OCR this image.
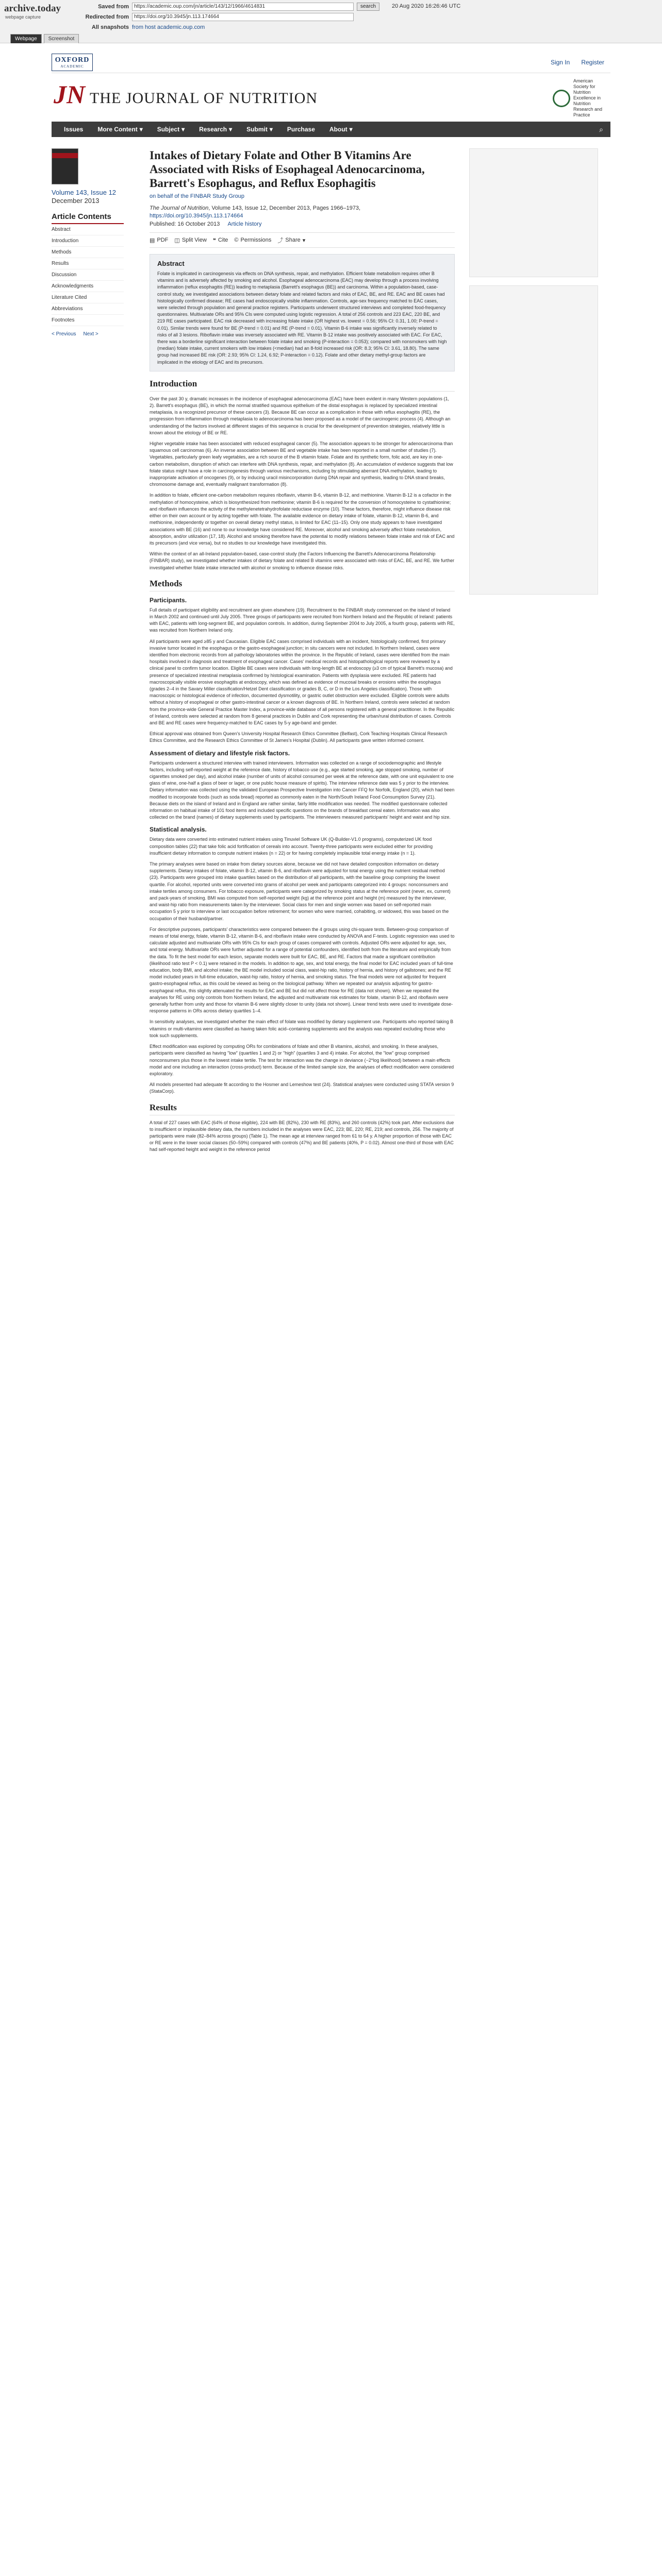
archive.today
webpage capture
Saved from	https://academic.oup.com/jn/article/143/12/1966/4614831	search
Redirected from	https://doi.org/10.3945/jn.113.174664
All snapshots from host academic.oup.com
20 Aug 2020 16:26:46 UTC
Webpage	Screenshot
OXFORD
ACADEMIC
Sign In Register
JN THE JOURNAL OF NUTRITION
American Society for Nutrition Excellence in Nutrition Research and Practice
Issues More Content ▾ Subject ▾ Research ▾ Submit ▾ Purchase About ▾	⌕
Volume 143, Issue 12
December 2013
Article Contents
Abstract
Introduction
Methods
Results
Discussion
Acknowledgments
Literature Cited
Abbreviations
Footnotes
< Previous Next >
Intakes of Dietary Folate and Other B Vitamins Are Associated with Risks of Esophageal Adenocarcinoma, Barrett's Esophagus, and Reflux Esophagitis
on behalf of the FINBAR Study Group
The Journal of Nutrition, Volume 143, Issue 12, December 2013, Pages 1966–1973, https://doi.org/10.3945/jn.113.174664
Published: 16 October 2013 Article history
▤ PDF ◫ Split View ❝ Cite © Permissions ⤴ Share ▾
Abstract

Folate is implicated in carcinogenesis via effects on DNA synthesis, repair, and methylation. Efficient folate metabolism requires other B vitamins and is adversely affected by smoking and alcohol. Esophageal adenocarcinoma (EAC) may develop through a process involving inflammation (reflux esophagitis (RE)) leading to metaplasia (Barrett's esophagus (BE)) and carcinoma. Within a population-based, case-control study, we investigated associations between dietary folate and related factors and risks of EAC, BE, and RE. EAC and BE cases had histologically confirmed disease; RE cases had endoscopically visible inflammation. Controls, age-sex frequency matched to EAC cases, were selected through population and general practice registers. Participants underwent structured interviews and completed food-frequency questionnaires. Multivariate ORs and 95% CIs were computed using logistic regression. A total of 256 controls and 223 EAC, 220 BE, and 219 RE cases participated. EAC risk decreased with increasing folate intake (OR highest vs. lowest = 0.56; 95% CI: 0.31, 1.00; P-trend = 0.01). Similar trends were found for BE (P-trend = 0.01) and RE (P-trend = 0.01). Vitamin B-6 intake was significantly inversely related to risks of all 3 lesions. Riboflavin intake was inversely associated with RE. Vitamin B-12 intake was positively associated with EAC. For EAC, there was a borderline significant interaction between folate intake and smoking (P-interaction = 0.053); compared with nonsmokers with high (median) folate intake, current smokers with low intakes (<median) had an 8-fold increased risk (OR: 8.3; 95% CI: 3.61, 18.80). The same group had increased BE risk (OR: 2.93; 95% CI: 1.24, 6.92; P-interaction = 0.12). Folate and other dietary methyl-group factors are implicated in the etiology of EAC and its precursors.

Introduction

Over the past 30 y, dramatic increases in the incidence of esophageal adenocarcinoma (EAC) have been evident in many Western populations (1, 2). Barrett's esophagus (BE), in which the normal stratified squamous epithelium of the distal esophagus is replaced by specialized intestinal metaplasia, is a recognized precursor of these cancers (3). Because BE can occur as a complication in those with reflux esophagitis (RE), the progression from inflammation through metaplasia to adenocarcinoma has been proposed as a model of the carcinogenic process (4). Although an understanding of the factors involved at different stages of this sequence is crucial for the development of prevention strategies, relatively little is known about the etiology of BE or RE.

Higher vegetable intake has been associated with reduced esophageal cancer (5). The association appears to be stronger for adenocarcinoma than squamous cell carcinomas (6). An inverse association between BE and vegetable intake has been reported in a small number of studies (7). Vegetables, particularly green leafy vegetables, are a rich source of the B vitamin folate. Folate and its synthetic form, folic acid, are key in one-carbon metabolism, disruption of which can interfere with DNA synthesis, repair, and methylation (8). An accumulation of evidence suggests that low folate status might have a role in carcinogenesis through various mechanisms, including by stimulating aberrant DNA methylation, leading to inappropriate activation of oncogenes (9), or by inducing uracil misincorporation during DNA repair and synthesis, leading to DNA strand breaks, chromosome damage and, eventually malignant transformation (8).

In addition to folate, efficient one-carbon metabolism requires riboflavin, vitamin B-6, vitamin B-12, and methionine. Vitamin B-12 is a cofactor in the methylation of homocysteine, which is biosynthesized from methionine; vitamin B-6 is required for the conversion of homocysteine to cystathionine; and riboflavin influences the activity of the methylenetetrahydrofolate reductase enzyme (10). These factors, therefore, might influence disease risk either on their own account or by acting together with folate. The available evidence on dietary intake of folate, vitamin B-12, vitamin B-6, and methionine, independently or together on overall dietary methyl status, is limited for EAC (11–15). Only one study appears to have investigated associations with BE (16) and none to our knowledge have considered RE. Moreover, alcohol and smoking adversely affect folate metabolism, absorption, and/or utilization (17, 18). Alcohol and smoking therefore have the potential to modify relations between folate intake and risk of EAC and its precursors (and vice versa), but no studies to our knowledge have investigated this.

Within the context of an all-Ireland population-based, case-control study (the Factors Influencing the Barrett's Adenocarcinoma Relationship (FINBAR) study), we investigated whether intakes of dietary folate and related B vitamins were associated with risks of EAC, BE, and RE. We further investigated whether folate intake interacted with alcohol or smoking to influence disease risks.

Methods
Participants.

Full details of participant eligibility and recruitment are given elsewhere (19). Recruitment to the FINBAR study commenced on the island of Ireland in March 2002 and continued until July 2005. Three groups of participants were recruited from Northern Ireland and the Republic of Ireland: patients with EAC, patients with long-segment BE, and population controls. In addition, during September 2004 to July 2005, a fourth group, patients with RE, was recruited from Northern Ireland only.

All participants were aged ≥85 y and Caucasian. Eligible EAC cases comprised individuals with an incident, histologically confirmed, first primary invasive tumor located in the esophagus or the gastro-esophageal junction; in situ cancers were not included. In Northern Ireland, cases were identified from electronic records from all pathology laboratories within the province. In the Republic of Ireland, cases were identified from the main hospitals involved in diagnosis and treatment of esophageal cancer. Cases' medical records and histopathological reports were reviewed by a clinical panel to confirm tumor location. Eligible BE cases were individuals with long-length BE at endoscopy (≥3 cm of typical Barrett's mucosa) and presence of specialized intestinal metaplasia confirmed by histological examination. Patients with dysplasia were excluded. RE patients had macroscopically visible erosive esophagitis at endoscopy, which was defined as evidence of mucosal breaks or erosions within the esophagus (grades 2–4 in the Savary Miller classification/Hetzel Dent classification or grades B, C, or D in the Los Angeles classification). Those with macroscopic or histological evidence of infection, documented dysmotility, or gastric outlet obstruction were excluded. Eligible controls were adults without a history of esophageal or other gastro-intestinal cancer or a known diagnosis of BE. In Northern Ireland, controls were selected at random from the province-wide General Practice Master Index, a province-wide database of all persons registered with a general practitioner. In the Republic of Ireland, controls were selected at random from 8 general practices in Dublin and Cork representing the urban/rural distribution of cases. Controls and BE and RE cases were frequency-matched to EAC cases by 5-y age-band and gender.

Ethical approval was obtained from Queen's University Hospital Research Ethics Committee (Belfast), Cork Teaching Hospitals Clinical Research Ethics Committee, and the Research Ethics Committee of St James's Hospital (Dublin). All participants gave written informed consent.

Assessment of dietary and lifestyle risk factors.

Participants underwent a structured interview with trained interviewers. Information was collected on a range of sociodemographic and lifestyle factors, including self-reported weight at the reference date, history of tobacco use (e.g., age started smoking, age stopped smoking, number of cigarettes smoked per day), and alcohol intake (number of units of alcohol consumed per week at the reference date, with one unit equivalent to one glass of wine, one-half a glass of beer or lager, or one public house measure of spirits). The interview reference date was 5 y prior to the interview. Dietary information was collected using the validated European Prospective Investigation into Cancer FFQ for Norfolk, England (20), which had been modified to incorporate foods (such as soda bread) reported as commonly eaten in the North/South Ireland Food Consumption Survey (21). Because diets on the island of Ireland and in England are rather similar, fairly little modification was needed. The modified questionnaire collected information on habitual intake of 101 food items and included specific questions on the brands of breakfast cereal eaten. Information was also collected on the brand (names) of dietary supplements used by participants. The interviewers measured participants' height and waist and hip size.

Statistical analysis.

Dietary data were converted into estimated nutrient intakes using Tinuviel Software UK (Q-Builder-V1.0 programs), computerized UK food composition tables (22) that take folic acid fortification of cereals into account. Twenty-three participants were excluded either for providing insufficient dietary information to compute nutrient intakes (n = 22) or for having completely implausible total energy intake (n = 1).

The primary analyses were based on intake from dietary sources alone, because we did not have detailed composition information on dietary supplements. Dietary intakes of folate, vitamin B-12, vitamin B-6, and riboflavin were adjusted for total energy using the nutrient residual method (23). Participants were grouped into intake quartiles based on the distribution of all participants, with the baseline group comprising the lowest quartile. For alcohol, reported units were converted into grams of alcohol per week and participants categorized into 4 groups: nonconsumers and intake tertiles among consumers. For tobacco exposure, participants were categorized by smoking status at the reference point (never, ex, current) and pack-years of smoking. BMI was computed from self-reported weight (kg) at the reference point and height (m) measured by the interviewer, and waist-hip ratio from measurements taken by the interviewer. Social class for men and single women was based on self-reported main occupation 5 y prior to interview or last occupation before retirement; for women who were married, cohabiting, or widowed, this was based on the occupation of their husband/partner.

For descriptive purposes, participants' characteristics were compared between the 4 groups using chi-square tests. Between-group comparison of means of total energy, folate, vitamin B-12, vitamin B-6, and riboflavin intake were conducted by ANOVA and F-tests. Logistic regression was used to calculate adjusted and multivariate ORs with 95% CIs for each group of cases compared with controls. Adjusted ORs were adjusted for age, sex, and total energy. Multivariate ORs were further adjusted for a range of potential confounders, identified both from the literature and empirically from the data. To fit the best model for each lesion, separate models were built for EAC, BE, and RE. Factors that made a significant contribution (likelihood ratio test P < 0.1) were retained in the models. In addition to age, sex, and total energy, the final model for EAC included years of full-time education, body BMI, and alcohol intake; the BE model included social class, waist-hip ratio, history of hernia, and history of gallstones; and the RE model included years in full-time education, waist-hip ratio, history of hernia, and smoking status. The final models were not adjusted for frequent gastro-esophageal reflux, as this could be viewed as being on the biological pathway. When we repeated our analysis adjusting for gastro-esophageal reflux, this slightly attenuated the results for EAC and BE but did not affect those for RE (data not shown). When we repeated the analyses for RE using only controls from Northern Ireland, the adjusted and multivariate risk estimates for folate, vitamin B-12, and riboflavin were generally further from unity and those for vitamin B-6 were slightly closer to unity (data not shown). Linear trend tests were used to investigate dose-response patterns in ORs across dietary quartiles 1–4.

In sensitivity analyses, we investigated whether the main effect of folate was modified by dietary supplement use. Participants who reported taking B vitamins or multi-vitamins were classified as having taken folic acid–containing supplements and the analysis was repeated excluding those who took such supplements.

Effect modification was explored by computing ORs for combinations of folate and other B vitamins, alcohol, and smoking. In these analyses, participants were classified as having "low" (quartiles 1 and 2) or "high" (quartiles 3 and 4) intake. For alcohol, the "low" group comprised nonconsumers plus those in the lowest intake tertile. The test for interaction was the change in deviance (−2*log likelihood) between a main effects model and one including an interaction (cross-product) term. Because of the limited sample size, the analyses of effect modification were considered exploratory.

All models presented had adequate fit according to the Hosmer and Lemeshow test (24). Statistical analyses were conducted using STATA version 9 (StataCorp).

Results

A total of 227 cases with EAC (64% of those eligible), 224 with BE (82%), 230 with RE (83%), and 260 controls (42%) took part. After exclusions due to insufficient or implausible dietary data, the numbers included in the analyses were EAC, 223; BE, 220; RE, 219; and controls, 256. The majority of participants were male (82–84% across groups) (Table 1). The mean age at interview ranged from 61 to 64 y. A higher proportion of those with EAC or RE were in the lower social classes (50–59%) compared with controls (47%) and BE patients (40%, P = 0.02). Almost one-third of those with EAC had self-reported height and weight in the reference period
